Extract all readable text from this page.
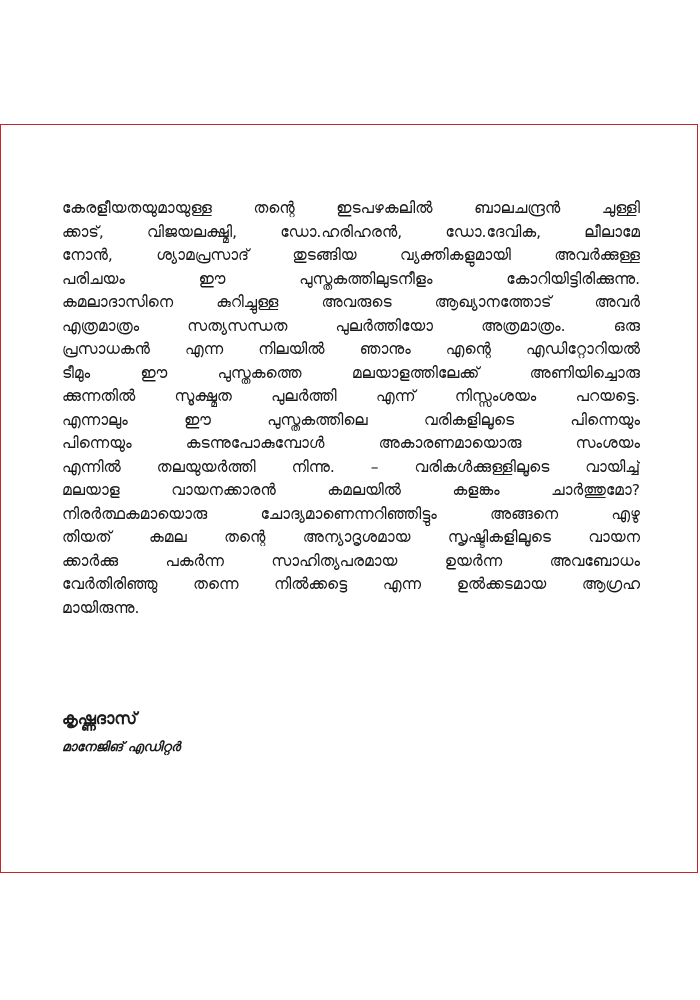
കേരളീയതയുമായുള്ള തന്റെ ഇടപഴകലിൽ ബാലചന്ദ്രൻ ചുള്ളി
ക്കാട്, വിജയലക്ഷ്മി, ഡോ.ഹരിഹരൻ, ഡോ.ദേവിക, ലീലാമേ
നോൻ, ശ്യാമപ്രസാദ് തുടങ്ങിയ വ്യക്തികളുമായി അവർക്കുള്ള
പരിചയം ഈ പുസ്തകത്തിലുടനീളം കോറിയിട്ടിരിക്കുന്നു.
കമലാദാസിനെ കുറിച്ചുള്ള അവരുടെ ആഖ്യാനത്തോട് അവർ
എത്രമാത്രം സത്യസന്ധത പുലർത്തിയോ അത്രമാത്രം. ഒരു
പ്രസാധകൻ എന്ന നിലയിൽ ഞാനും എന്റെ എഡിറ്റോറിയൽ
ടീമും ഈ പുസ്തകത്തെ മലയാളത്തിലേക്ക് അണിയിച്ചൊരു
ക്കുന്നതിൽ സൂക്ഷ്മത പുലർത്തി എന്ന് നിസ്സംശയം പറയട്ടെ.
എന്നാലും ഈ പുസ്തകത്തിലെ വരികളിലൂടെ പിന്നെയും
പിന്നെയും കടന്നുപോകുമ്പോൾ അകാരണമായൊരു സംശയം
എന്നിൽ തലയുയർത്തി നിന്നു. – വരികൾക്കുള്ളിലൂടെ വായിച്ച്
മലയാള വായനക്കാരൻ കമലയിൽ കളങ്കം ചാർത്തുമോ?
നിരർത്ഥകമായൊരു ചോദ്യമാണെന്നറിഞ്ഞിട്ടും അങ്ങനെ എഴു
തിയത് കമല തന്റെ അന്യാദൃശമായ സൃഷ്ടികളിലൂടെ വായന
ക്കാർക്കു പകർന്ന സാഹിത്യപരമായ ഉയർന്ന അവബോധം
വേർതിരിഞ്ഞു തന്നെ നിൽക്കട്ടെ എന്ന ഉൽക്കടമായ ആഗ്രഹ
മായിരുന്നു.
കൃഷ്ണദാസ്
മാനേജിങ് എഡിറ്റർ
